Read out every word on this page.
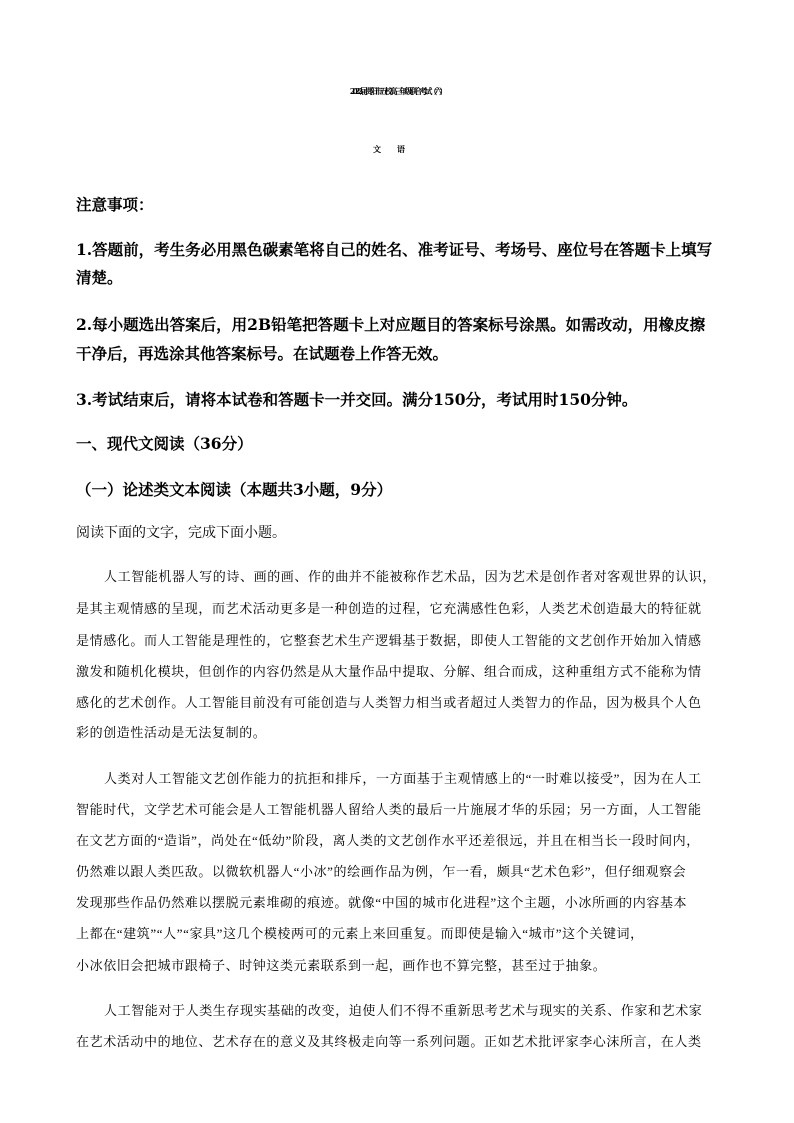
2022届贵阳市五校高三年级联合考试（六）
注意事项：
1.答题前，考生务必用黑色碳素笔将自己的姓名、准考证号、考场号、座位号在答题卡上填写
清楚。
2.每小题选出答案后，用2B铅笔把答题卡上对应题目的答案标号涂黑。如需改动，用橡皮擦
干净后，再选涂其他答案标号。在试题卷上作答无效。
3.考试结束后，请将本试卷和答题卡一并交回。满分150分，考试用时150分钟。
一、现代文阅读（36分）
（一）论述类文本阅读（本题共3小题，9分）
阅读下面的文字，完成下面小题。
人工智能机器人写的诗、画的画、作的曲并不能被称作艺术品，因为艺术是创作者对客观世界的认识，
是其主观情感的呈现，而艺术活动更多是一种创造的过程，它充满感性色彩，人类艺术创造最大的特征就
是情感化。而人工智能是理性的，它整套艺术生产逻辑基于数据，即使人工智能的文艺创作开始加入情感
激发和随机化模块，但创作的内容仍然是从大量作品中提取、分解、组合而成，这种重组方式不能称为情
感化的艺术创作。人工智能目前没有可能创造与人类智力相当或者超过人类智力的作品，因为极具个人色
彩的创造性活动是无法复制的。
人类对人工智能文艺创作能力的抗拒和排斥，一方面基于主观情感上的“一时难以接受”，因为在人工
智能时代，文学艺术可能会是人工智能机器人留给人类的最后一片施展才华的乐园；另一方面，人工智能
在文艺方面的“造诣”，尚处在“低幼”阶段，离人类的文艺创作水平还差很远，并且在相当长一段时间内，
仍然难以跟人类匹敌。以微软机器人“小冰”的绘画作品为例，乍一看，颇具“艺术色彩”，但仔细观察会
发现那些作品仍然难以摆脱元素堆砌的痕迹。就像“中国的城市化进程”这个主题，小冰所画的内容基本
上都在“建筑”“人”“家具”这几个模棱两可的元素上来回重复。而即使是输入“城市”这个关键词，
小冰依旧会把城市跟椅子、时钟这类元素联系到一起，画作也不算完整，甚至过于抽象。
人工智能对于人类生存现实基础的改变，迫使人们不得不重新思考艺术与现实的关系、作家和艺术家
在艺术活动中的地位、艺术存在的意义及其终极走向等一系列问题。正如艺术批评家李心沫所言，在人类
